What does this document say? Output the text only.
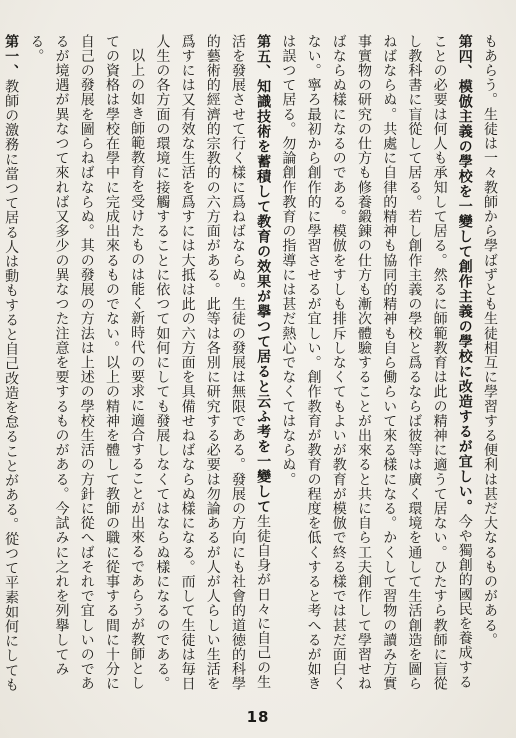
もあらう。生徒は一々教師から學ばずとも生徒相互に學習する便利は甚だ大なるものがある。

第四、模倣主義の學校を一變して創作主義の學校に改造するが宜しい。今や獨創的國民を養成することの必要は何人も承知して居る。然るに師範教育は此の精神に適うて居ない。ひたすら教師に盲從し教科書に盲從して居る。若し創作主義の學校と爲るならば彼等は廣く環境を通して生活創造を圖らねばならぬ。共處に自律的精神も協同的精神も自ら働らいて來る樣になる。かくして習物の讀み方實事實物の研究の仕方も修養鍛錬の仕方も漸次體驗することが出來ると共に自ら工夫創作して學習せねばならぬ樣になるのである。模倣をすしも排斥しなくてもよいが教育が模倣で終る樣では甚だ面白くない。寧ろ最初から創作的に學習させるが宜しい。創作教育が教育の程度を低くすると考へるが如きは誤つて居る。勿論創作教育の指導には甚だ熱心でなくてはならぬ。

第五、知識技術を蓄積して教育の效果が擧つて居ると云ふ考を一變して生徒自身が日々に自己の生活を發展させて行く樣に爲ねばならぬ。生徒の發展は無限である。發展の方向にも社會的道徳的科學的藝術的經濟的宗教的の六方面がある。此等は各別に研究する必要は勿論あるが人が人らしい生活を爲すには又有效な生活を爲すには大抵は此の六方面を具備せねばならぬ樣になる。而して生徒は毎日人生の各方面の環境に接觸することに依つて如何にしても發展しなくてはならぬ樣になるのである。

以上の如き師範教育を受けたものは能く新時代の要求に適合することが出來るであらうが教師としての資格は學校在學中に完成出來るものでない。以上の精神を體して教師の職に從事する間に十分に自己の發展を圖らねばならぬ。其の發展の方法は上述の學校生活の方針に從へばそれで宜しいのであるが境遇が異なつて來れば又多少の異なつた注意を要するものがある。今試みに之れを列擧してみる。

第一、教師の激務に當つて居る人は動もすると自己改造を怠ることがある。從つて平素如何にしても

18
